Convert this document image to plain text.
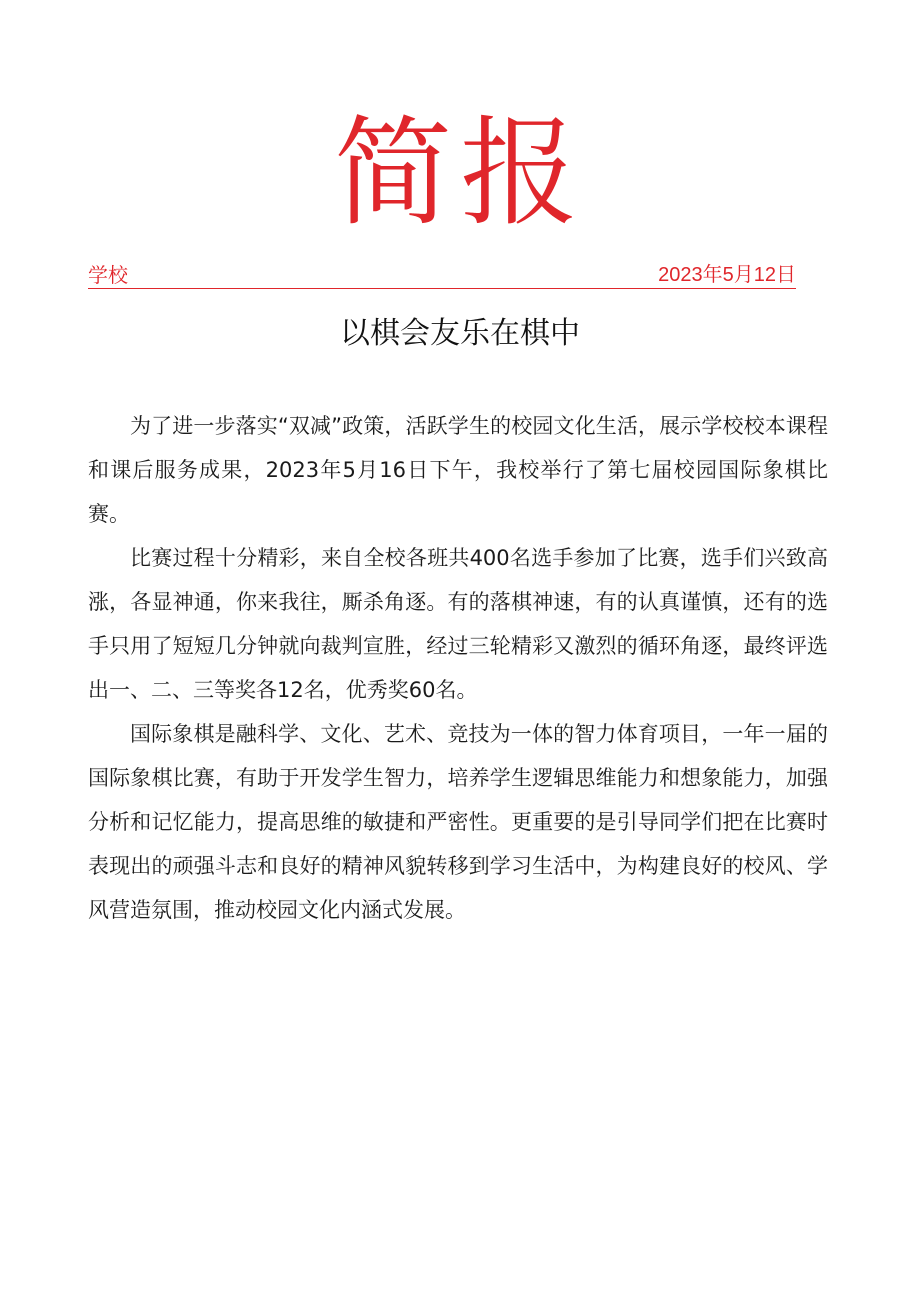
简报
学校	2023年5月12日
以棋会友乐在棋中

为了进一步落实“双减”政策，活跃学生的校园文化生活，展示学校校本课程和课后服务成果，2023年5月16日下午，我校举行了第七届校园国际象棋比赛。

比赛过程十分精彩，来自全校各班共400名选手参加了比赛，选手们兴致高涨，各显神通，你来我往，厮杀角逐。有的落棋神速，有的认真谨慎，还有的选手只用了短短几分钟就向裁判宣胜，经过三轮精彩又激烈的循环角逐，最终评选出一、二、三等奖各12名，优秀奖60名。

国际象棋是融科学、文化、艺术、竞技为一体的智力体育项目，一年一届的国际象棋比赛，有助于开发学生智力，培养学生逻辑思维能力和想象能力，加强分析和记忆能力，提高思维的敏捷和严密性。更重要的是引导同学们把在比赛时表现出的顽强斗志和良好的精神风貌转移到学习生活中，为构建良好的校风、学风营造氛围，推动校园文化内涵式发展。
